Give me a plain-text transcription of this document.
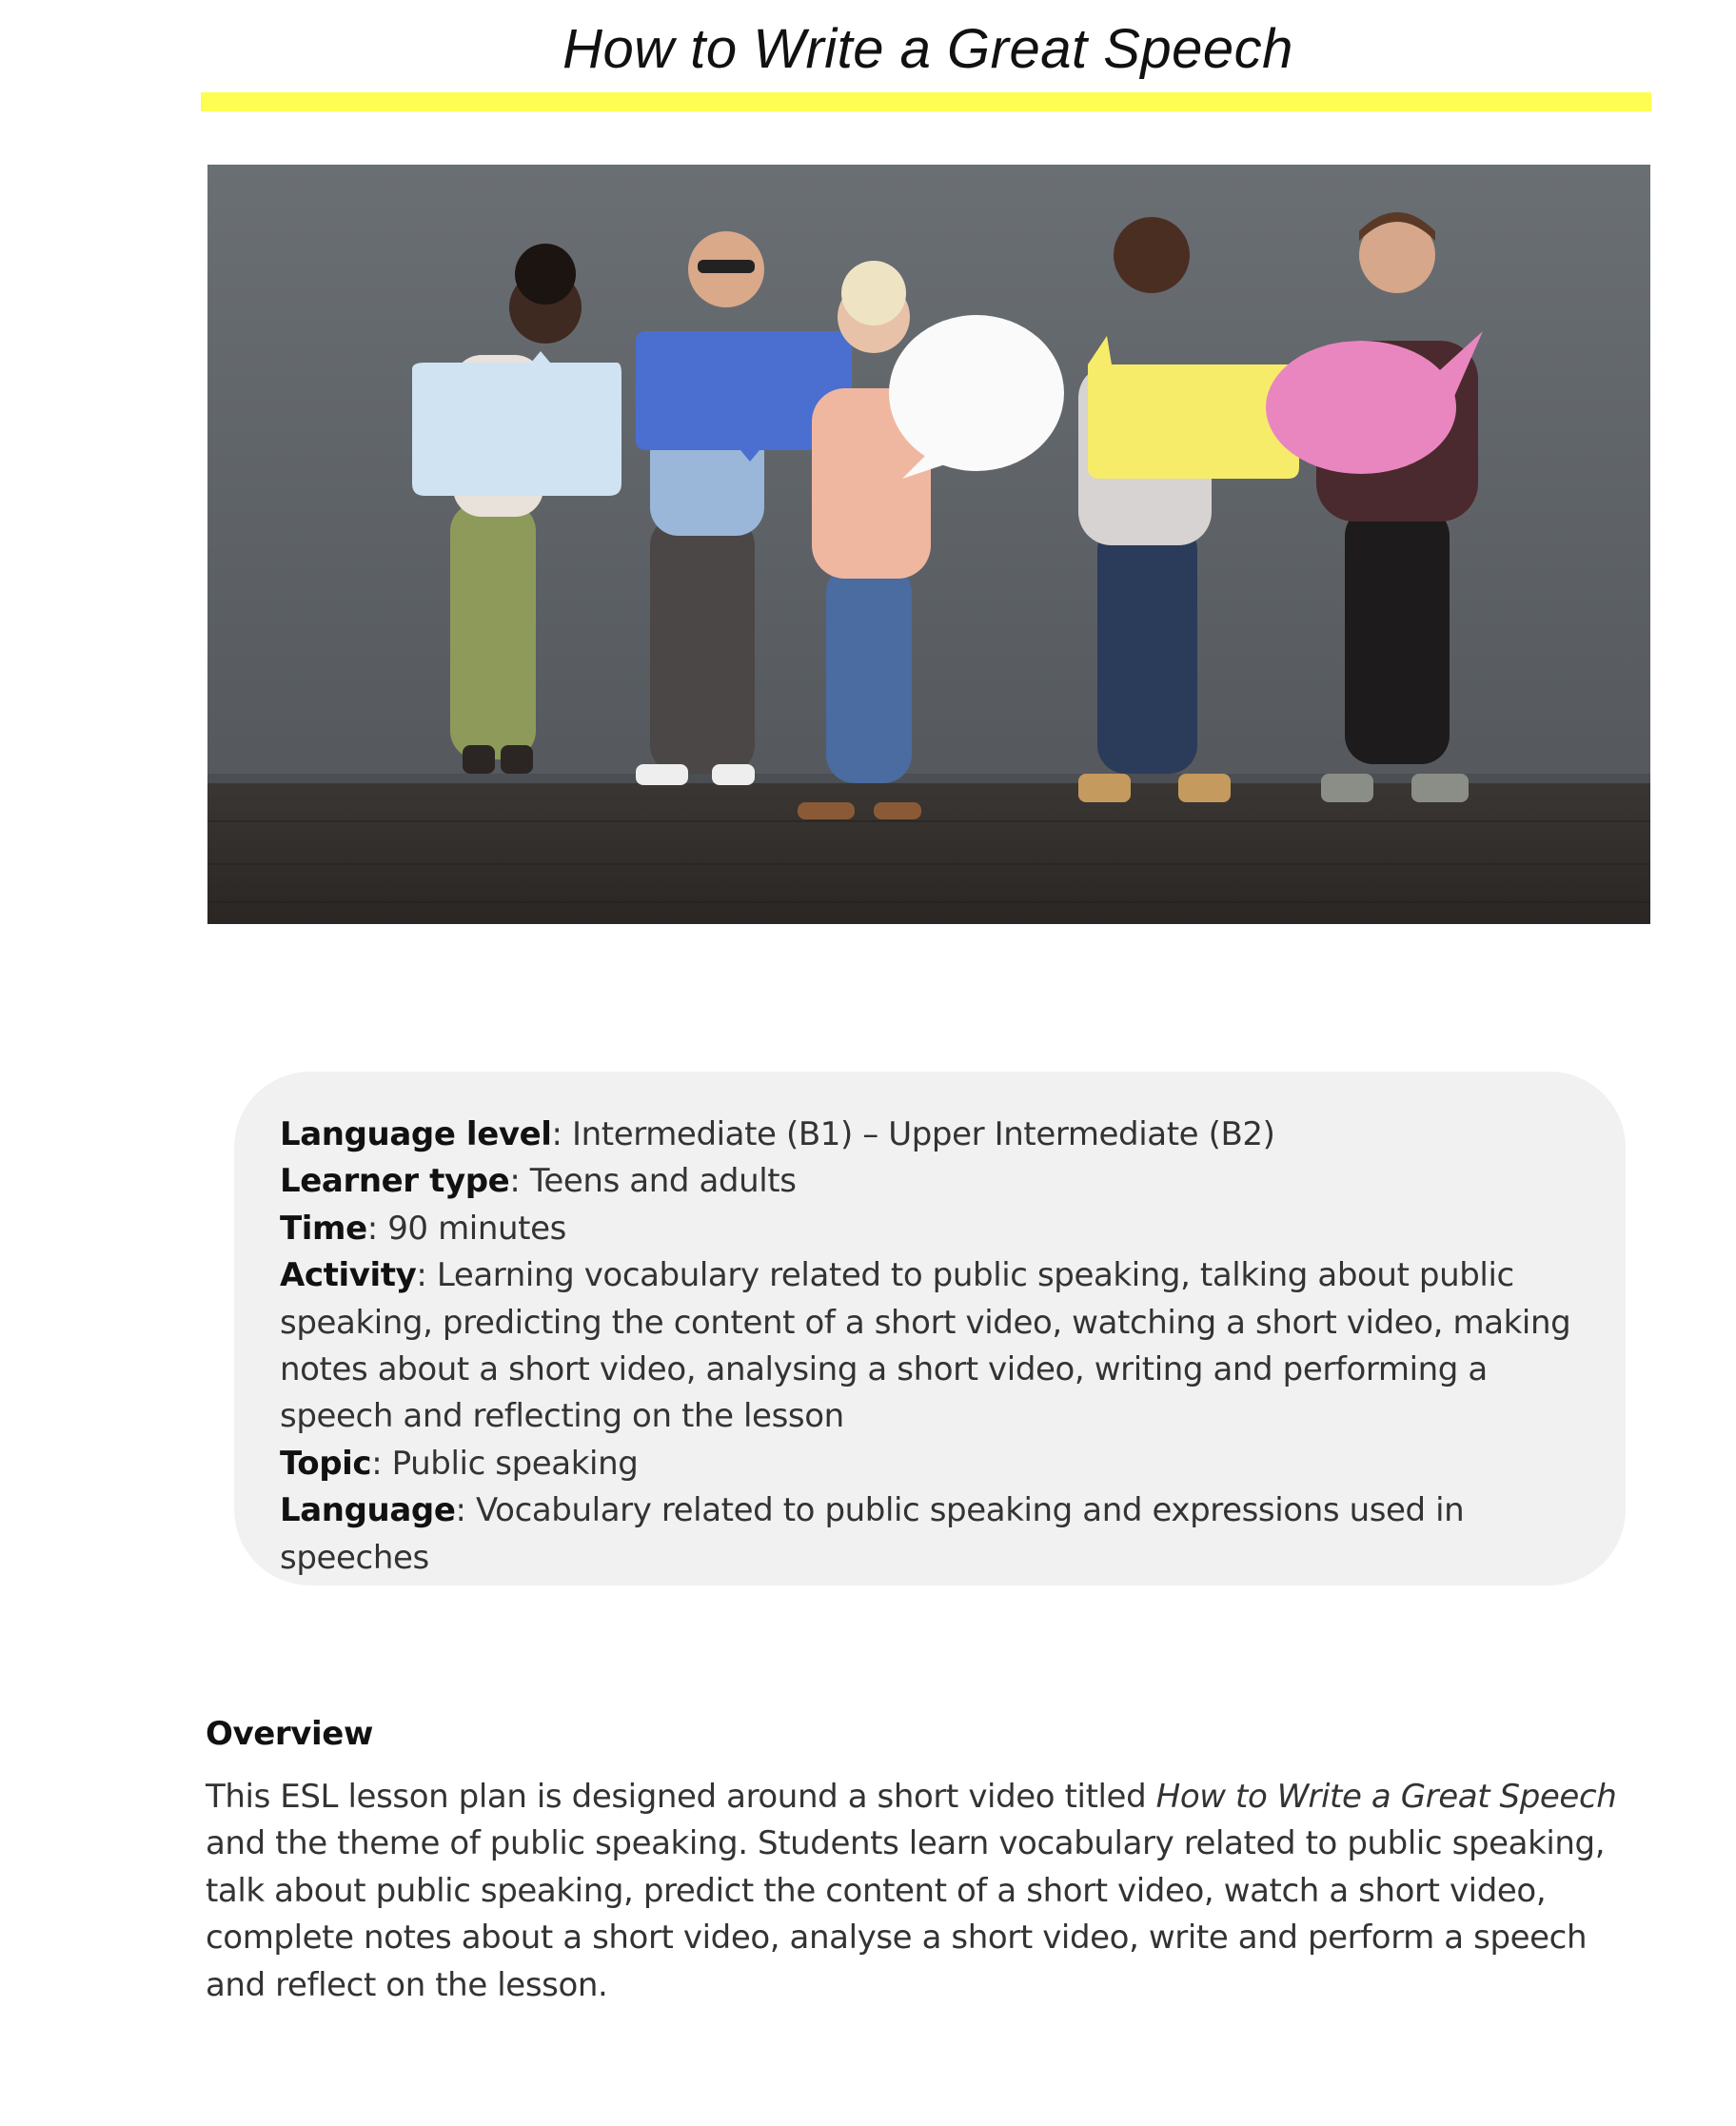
How to Write a Great Speech
Language level: Intermediate (B1) – Upper Intermediate (B2)
Learner type: Teens and adults
Time: 90 minutes
Activity: Learning vocabulary related to public speaking, talking about public speaking, predicting the content of a short video, watching a short video, making notes about a short video, analysing a short video, writing and performing a speech and reflecting on the lesson
Topic: Public speaking
Language: Vocabulary related to public speaking and expressions used in speeches
Overview

This ESL lesson plan is designed around a short video titled How to Write a Great Speech and the theme of public speaking. Students learn vocabulary related to public speaking, talk about public speaking, predict the content of a short video, watch a short video, complete notes about a short video, analyse a short video, write and perform a speech and reflect on the lesson.
